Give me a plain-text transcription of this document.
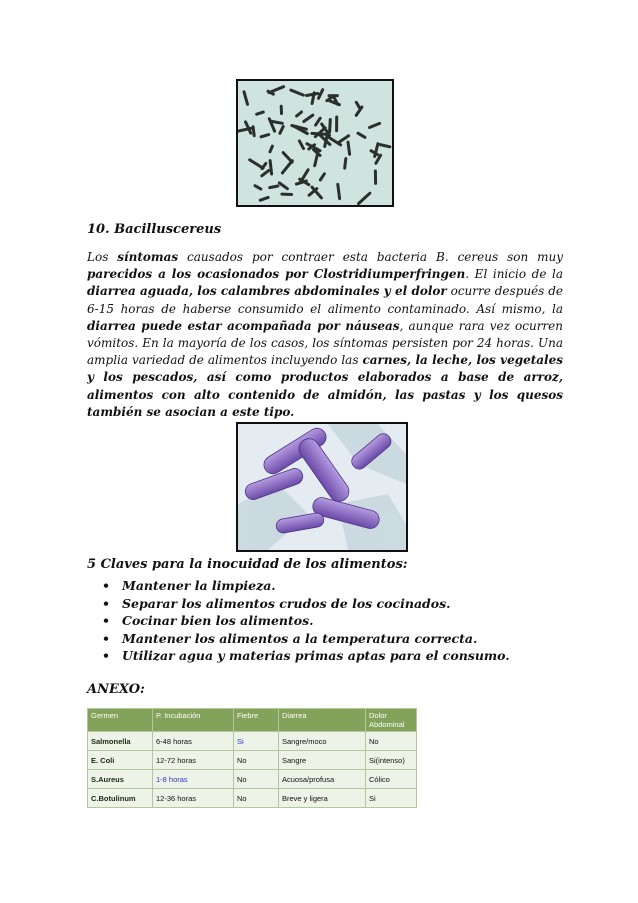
10. Bacilluscereus
Los síntomas causados por contraer esta bacteria B. cereus son muy parecidos a los ocasionados por Clostridiumperfringen. El inicio de la diarrea aguada, los calambres abdominales y el dolor ocurre después de 6-15 horas de haberse consumido el alimento contaminado. Así mismo, la diarrea puede estar acompañada por náuseas, aunque rara vez ocurren vómitos. En la mayoría de los casos, los síntomas persisten por 24 horas. Una amplia variedad de alimentos incluyendo las carnes, la leche, los vegetales y los pescados, así como productos elaborados a base de arroz, alimentos con alto contenido de almidón, las pastas y los quesos también se asocian a este tipo.
5 Claves para la inocuidad de los alimentos:
• Mantener la limpieza.
• Separar los alimentos crudos de los cocinados.
• Cocinar bien los alimentos.
• Mantener los alimentos a la temperatura correcta.
• Utilizar agua y materias primas aptas para el consumo.
ANEXO:
Germen	P. Incubación	Fiebre	Diarrea	Dolor Abdominal
Salmonella	6-48 horas	Si	Sangre/moco	No
E. Coli	12-72 horas	No	Sangre	Si(intenso)
S.Aureus	1-8 horas	No	Acuosa/profusa	Cólico
C.Botulinum	12-36 horas	No	Breve y ligera	Si
